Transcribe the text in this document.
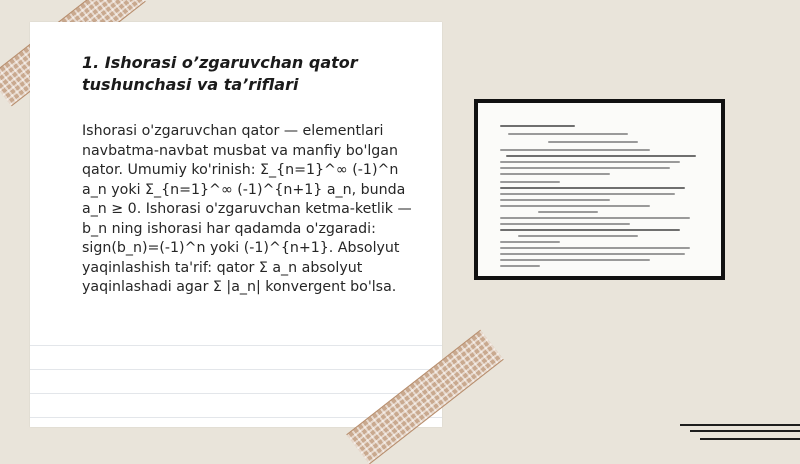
1. Ishorasi o’zgaruvchan qator
tushunchasi va ta’riflari
Ishorasi o'zgaruvchan qator — elementlari navbatma-navbat musbat va manfiy bo'lgan qator. Umumiy ko'rinish: Σ_{n=1}^∞ (-1)^n a_n yoki Σ_{n=1}^∞ (-1)^{n+1} a_n, bunda a_n ≥ 0. Ishorasi o'zgaruvchan ketma-ketlik — b_n ning ishorasi har qadamda o'zgaradi: sign(b_n)=(-1)^n yoki (-1)^{n+1}. Absolyut yaqinlashish ta'rif: qator Σ a_n absolyut yaqinlashadi agar Σ |a_n| konvergent bo'lsa.
